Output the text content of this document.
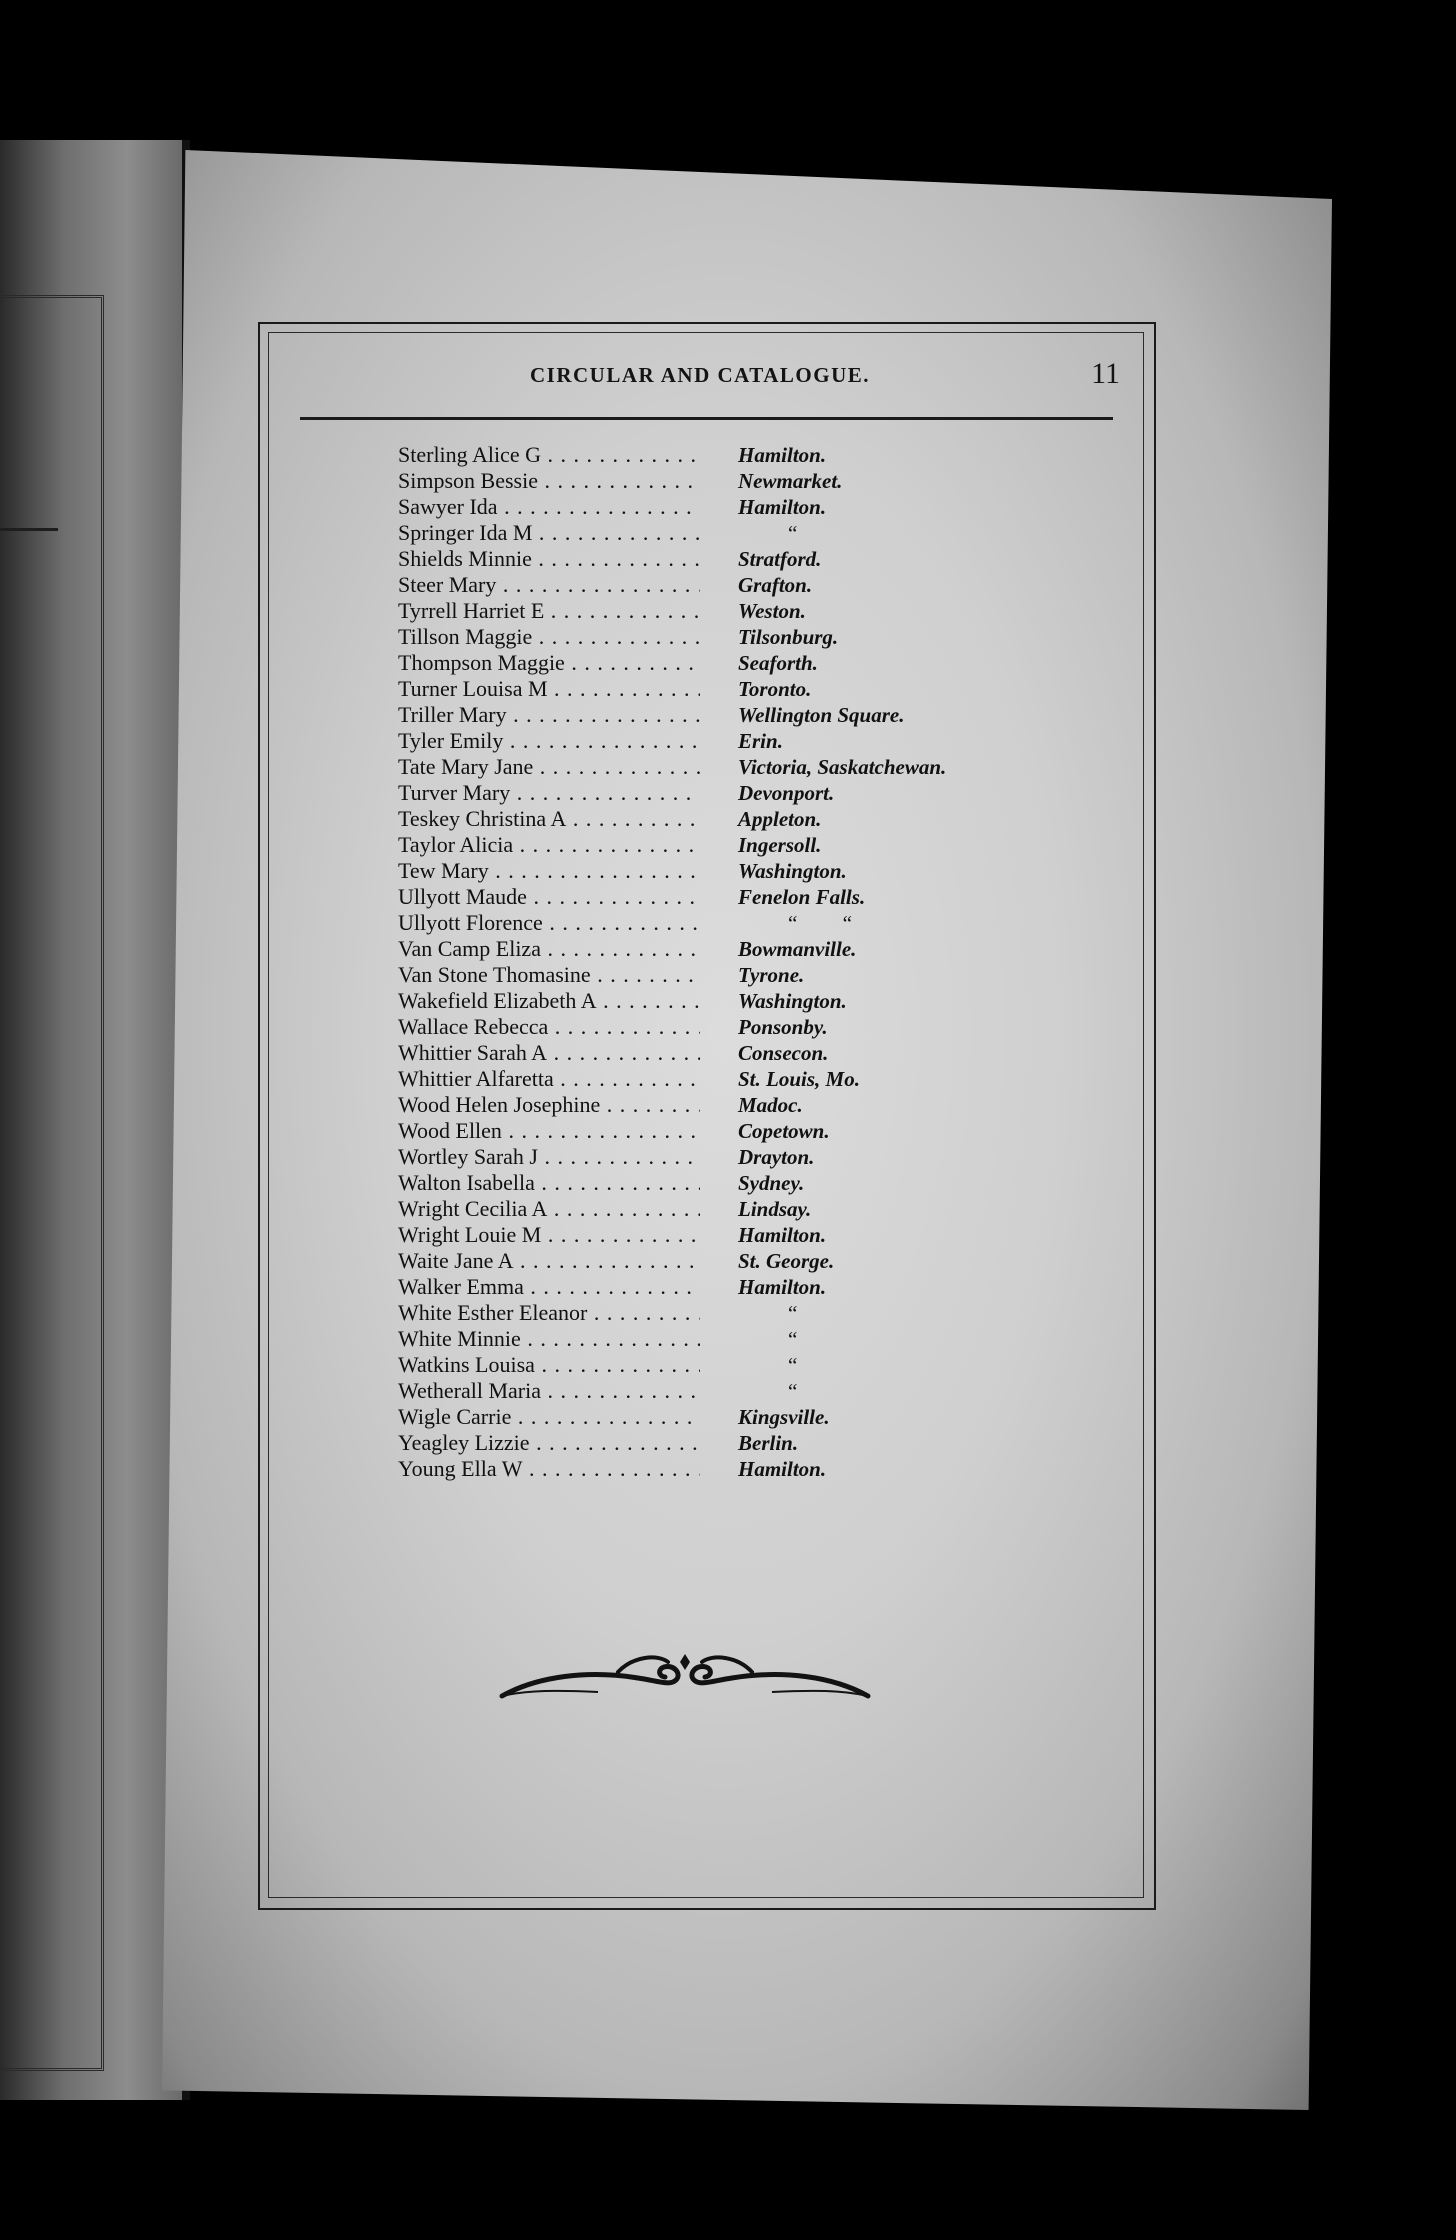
CIRCULAR AND CATALOGUE.	11
Sterling Alice G . . .	Hamilton.
Simpson Bessie . . .	Newmarket.
Sawyer Ida . . .	Hamilton.
Springer Ida M . . .	“
Shields Minnie . . .	Stratford.
Steer Mary . . .	Grafton.
Tyrrell Harriet E . . .	Weston.
Tillson Maggie . . .	Tilsonburg.
Thompson Maggie . . .	Seaforth.
Turner Louisa M . . .	Toronto.
Triller Mary . . .	Wellington Square.
Tyler Emily . . .	Erin.
Tate Mary Jane . . .	Victoria, Saskatchewan.
Turver Mary . . .	Devonport.
Teskey Christina A . . .	Appleton.
Taylor Alicia . . .	Ingersoll.
Tew Mary . . .	Washington.
Ullyott Maude . . .	Fenelon Falls.
Ullyott Florence . . .	“ “
Van Camp Eliza . . .	Bowmanville.
Van Stone Thomasine . . .	Tyrone.
Wakefield Elizabeth A . . .	Washington.
Wallace Rebecca . . .	Ponsonby.
Whittier Sarah A . . .	Consecon.
Whittier Alfaretta . . .	St. Louis, Mo.
Wood Helen Josephine . . .	Madoc.
Wood Ellen . . .	Copetown.
Wortley Sarah J . . .	Drayton.
Walton Isabella . . .	Sydney.
Wright Cecilia A . . .	Lindsay.
Wright Louie M . . .	Hamilton.
Waite Jane A . . .	St. George.
Walker Emma . . .	Hamilton.
White Esther Eleanor . . .	“
White Minnie . . .	“
Watkins Louisa . . .	“
Wetherall Maria . . .	“
Wigle Carrie . . .	Kingsville.
Yeagley Lizzie . . .	Berlin.
Young Ella W . . .	Hamilton.
